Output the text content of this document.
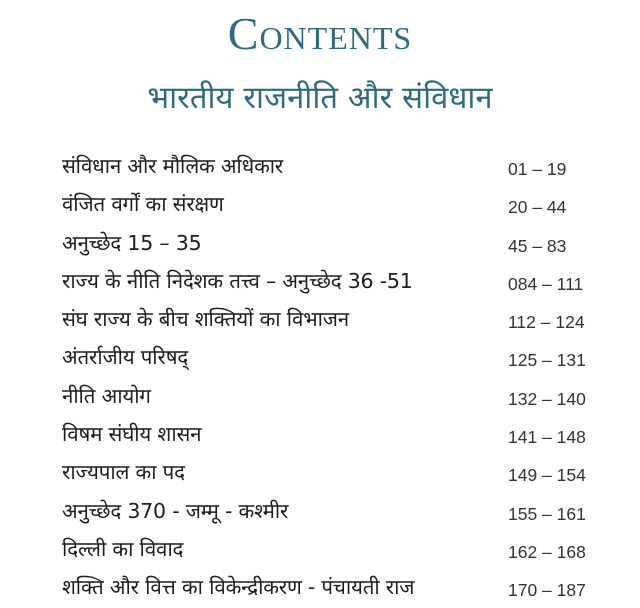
Contents
भारतीय राजनीति और संविधान
संविधान और मौलिक अधिकार	01 – 19
वंजित वर्गों का संरक्षण	20 – 44
अनुच्छेद 15 – 35	45 – 83
राज्य के नीति निदेशक तत्त्व – अनुच्छेद 36 -51	084 – 111
संघ राज्य के बीच शक्तियों का विभाजन	112 – 124
अंतर्राजीय परिषद्	125 – 131
नीति आयोग	132 – 140
विषम संघीय शासन	141 – 148
राज्यपाल का पद	149 – 154
अनुच्छेद 370 - जम्मू - कश्मीर	155 – 161
दिल्ली का विवाद	162 – 168
शक्ति और वित्त का विकेन्द्रीकरण - पंचायती राज	170 – 187
